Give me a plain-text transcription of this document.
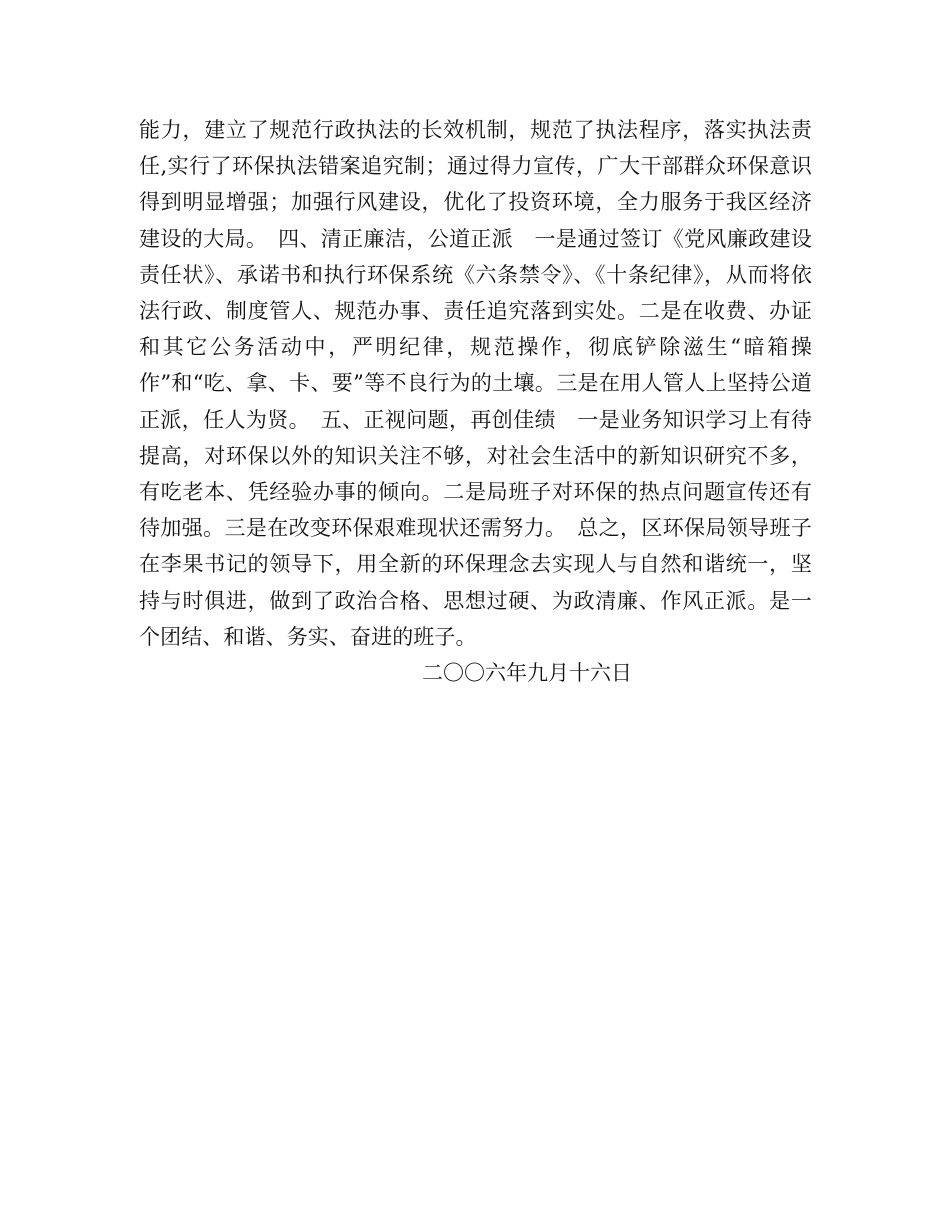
能力，建立了规范行政执法的长效机制，规范了执法程序，落实执法责任,实行了环保执法错案追究制；通过得力宣传，广大干部群众环保意识得到明显增强；加强行风建设，优化了投资环境，全力服务于我区经济建设的大局。　四、清正廉洁，公道正派　一是通过签订《党风廉政建设责任状》、承诺书和执行环保系统《六条禁令》、《十条纪律》，从而将依法行政、制度管人、规范办事、责任追究落到实处。二是在收费、办证和其它公务活动中，严明纪律，规范操作，彻底铲除滋生“暗箱操作”和“吃、拿、卡、要”等不良行为的土壤。三是在用人管人上坚持公道正派，任人为贤。　五、正视问题，再创佳绩　一是业务知识学习上有待提高，对环保以外的知识关注不够，对社会生活中的新知识研究不多，有吃老本、凭经验办事的倾向。二是局班子对环保的热点问题宣传还有待加强。三是在改变环保艰难现状还需努力。　总之，区环保局领导班子在李果书记的领导下，用全新的环保理念去实现人与自然和谐统一，坚持与时俱进，做到了政治合格、思想过硬、为政清廉、作风正派。是一个团结、和谐、务实、奋进的班子。

二〇〇六年九月十六日
